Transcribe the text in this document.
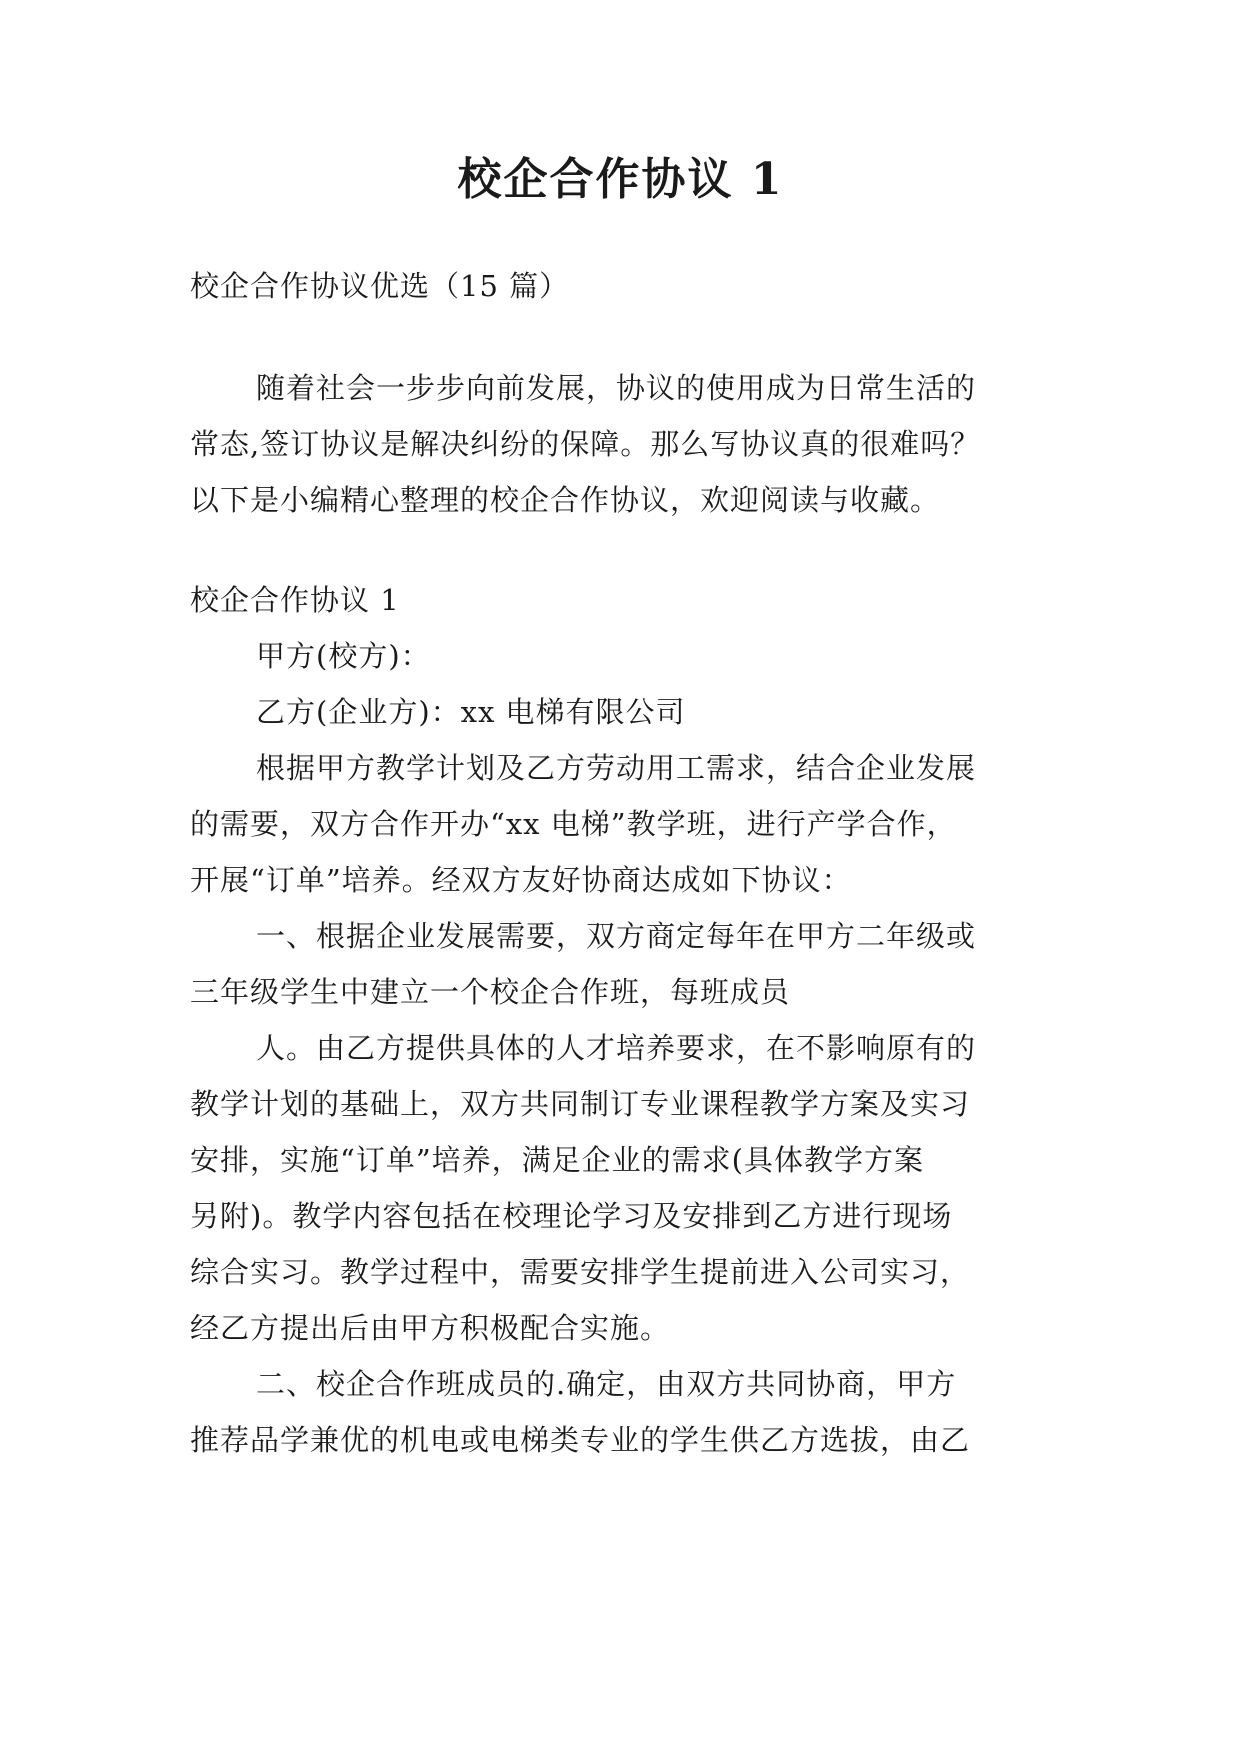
校企合作协议 1
校企合作协议优选（15 篇）
随着社会一步步向前发展，协议的使用成为日常生活的
常态,签订协议是解决纠纷的保障。那么写协议真的很难吗？
以下是小编精心整理的校企合作协议，欢迎阅读与收藏。
校企合作协议 1
甲方(校方)：
乙方(企业方)：xx 电梯有限公司
根据甲方教学计划及乙方劳动用工需求，结合企业发展
的需要，双方合作开办“xx 电梯”教学班，进行产学合作，
开展“订单”培养。经双方友好协商达成如下协议：
一、根据企业发展需要，双方商定每年在甲方二年级或
三年级学生中建立一个校企合作班，每班成员
人。由乙方提供具体的人才培养要求，在不影响原有的
教学计划的基础上，双方共同制订专业课程教学方案及实习
安排，实施“订单”培养，满足企业的需求(具体教学方案
另附)。教学内容包括在校理论学习及安排到乙方进行现场
综合实习。教学过程中，需要安排学生提前进入公司实习，
经乙方提出后由甲方积极配合实施。
二、校企合作班成员的.确定，由双方共同协商，甲方
推荐品学兼优的机电或电梯类专业的学生供乙方选拔，由乙
